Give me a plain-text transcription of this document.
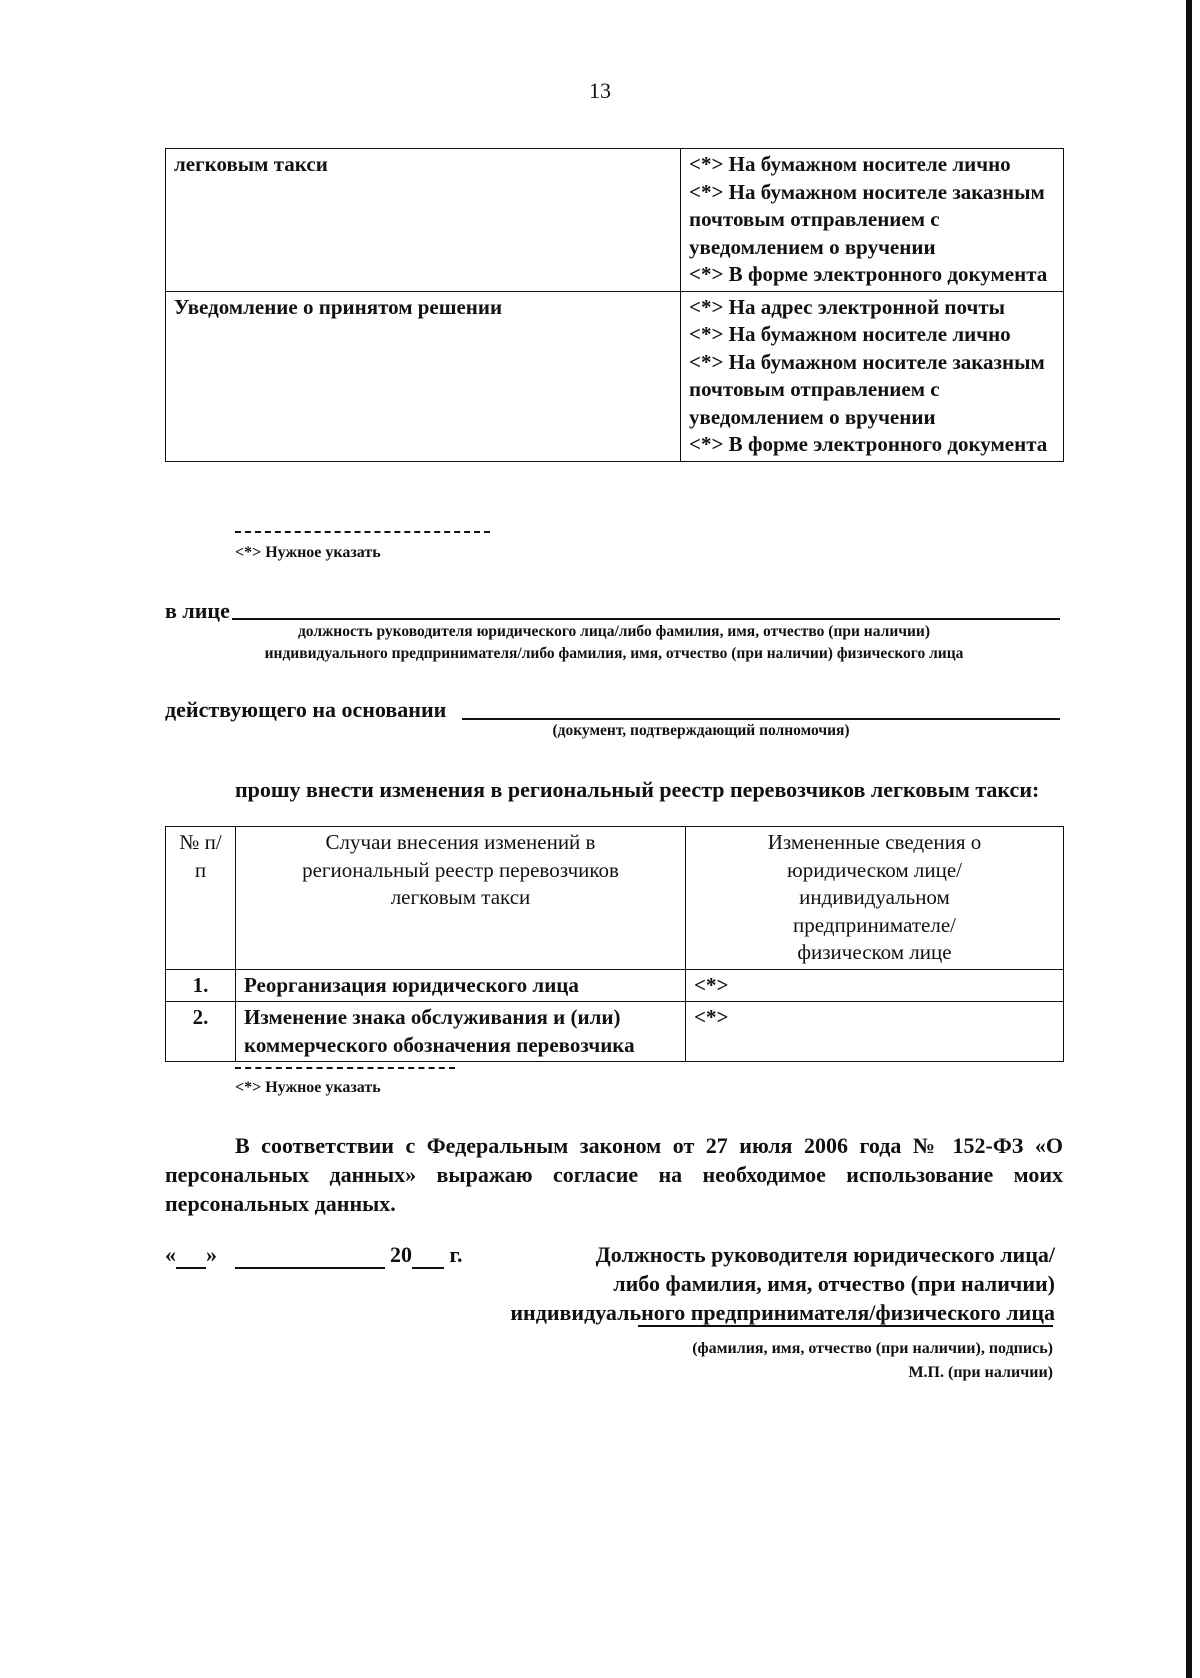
13
легковым такси	<*> На бумажном носителе лично
<*> На бумажном носителе заказным почтовым отправлением с уведомлением о вручении
<*> В форме электронного документа

Уведомление о принятом решении	<*> На адрес электронной почты
<*> На бумажном носителе лично
<*> На бумажном носителе заказным почтовым отправлением с уведомлением о вручении
<*> В форме электронного документа
<*> Нужное указать
в лице
должность руководителя юридического лица/либо фамилия, имя, отчество (при наличии)
индивидуального предпринимателя/либо фамилия, имя, отчество (при наличии) физического лица
действующего на основании
(документ, подтверждающий полномочия)
прошу внести изменения в региональный реестр перевозчиков легковым такси:
№ п/п	Случаи внесения изменений в региональный реестр перевозчиков легковым такси	Измененные сведения о юридическом лице/ индивидуальном предпринимателе/ физическом лице
1.	Реорганизация юридического лица	<*>
2.	Изменение знака обслуживания и (или) коммерческого обозначения перевозчика	<*>
<*> Нужное указать
В соответствии с Федеральным законом от 27 июля 2006 года № 152-ФЗ «О персональных данных» выражаю согласие на необходимое использование моих персональных данных.
« »	20 г.	Должность руководителя юридического лица/
либо фамилия, имя, отчество (при наличии)
индивидуального предпринимателя/физического лица
(фамилия, имя, отчество (при наличии), подпись)
М.П. (при наличии)
